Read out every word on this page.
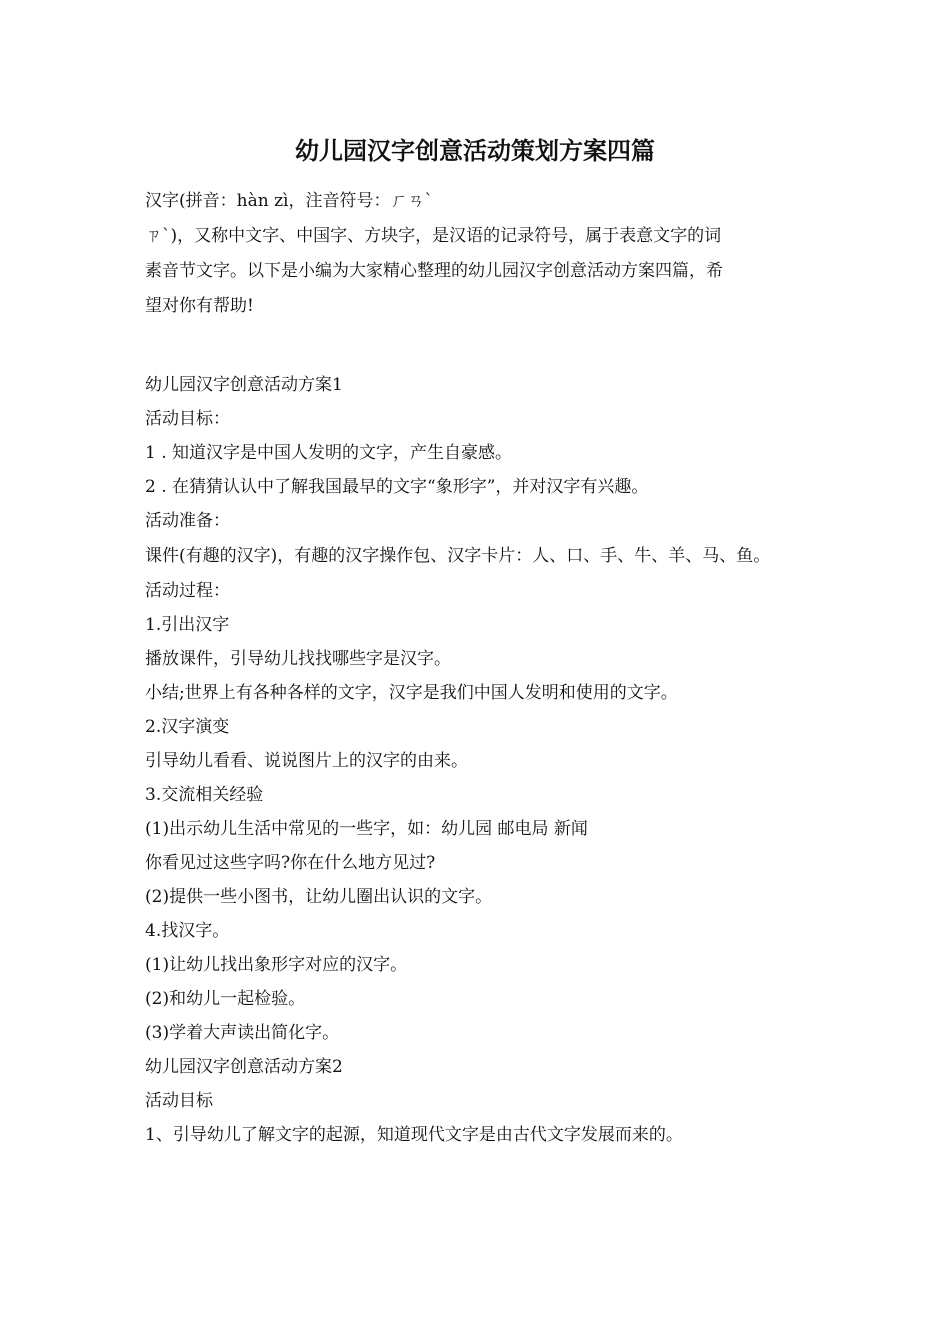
幼儿园汉字创意活动策划方案四篇

汉字(拼音：hàn zì，注音符号：ㄏㄢˋ

ㄗˋ)，又称中文字、中国字、方块字，是汉语的记录符号，属于表意文字的词

素音节文字。以下是小编为大家精心整理的幼儿园汉字创意活动方案四篇，希

望对你有帮助!

幼儿园汉字创意活动方案1

活动目标：

1 . 知道汉字是中国人发明的文字，产生自豪感。

2 . 在猜猜认认中了解我国最早的文字“象形字”，并对汉字有兴趣。

活动准备：

课件(有趣的汉字)，有趣的汉字操作包、汉字卡片：人、口、手、牛、羊、马、鱼。

活动过程：

1.引出汉字

播放课件，引导幼儿找找哪些字是汉字。

小结;世界上有各种各样的文字，汉字是我们中国人发明和使用的文字。

2.汉字演变

引导幼儿看看、说说图片上的汉字的由来。

3.交流相关经验

(1)出示幼儿生活中常见的一些字，如：幼儿园 邮电局 新闻

你看见过这些字吗?你在什么地方见过?

(2)提供一些小图书，让幼儿圈出认识的文字。

4.找汉字。

(1)让幼儿找出象形字对应的汉字。

(2)和幼儿一起检验。

(3)学着大声读出简化字。

幼儿园汉字创意活动方案2

活动目标

1、引导幼儿了解文字的起源，知道现代文字是由古代文字发展而来的。
